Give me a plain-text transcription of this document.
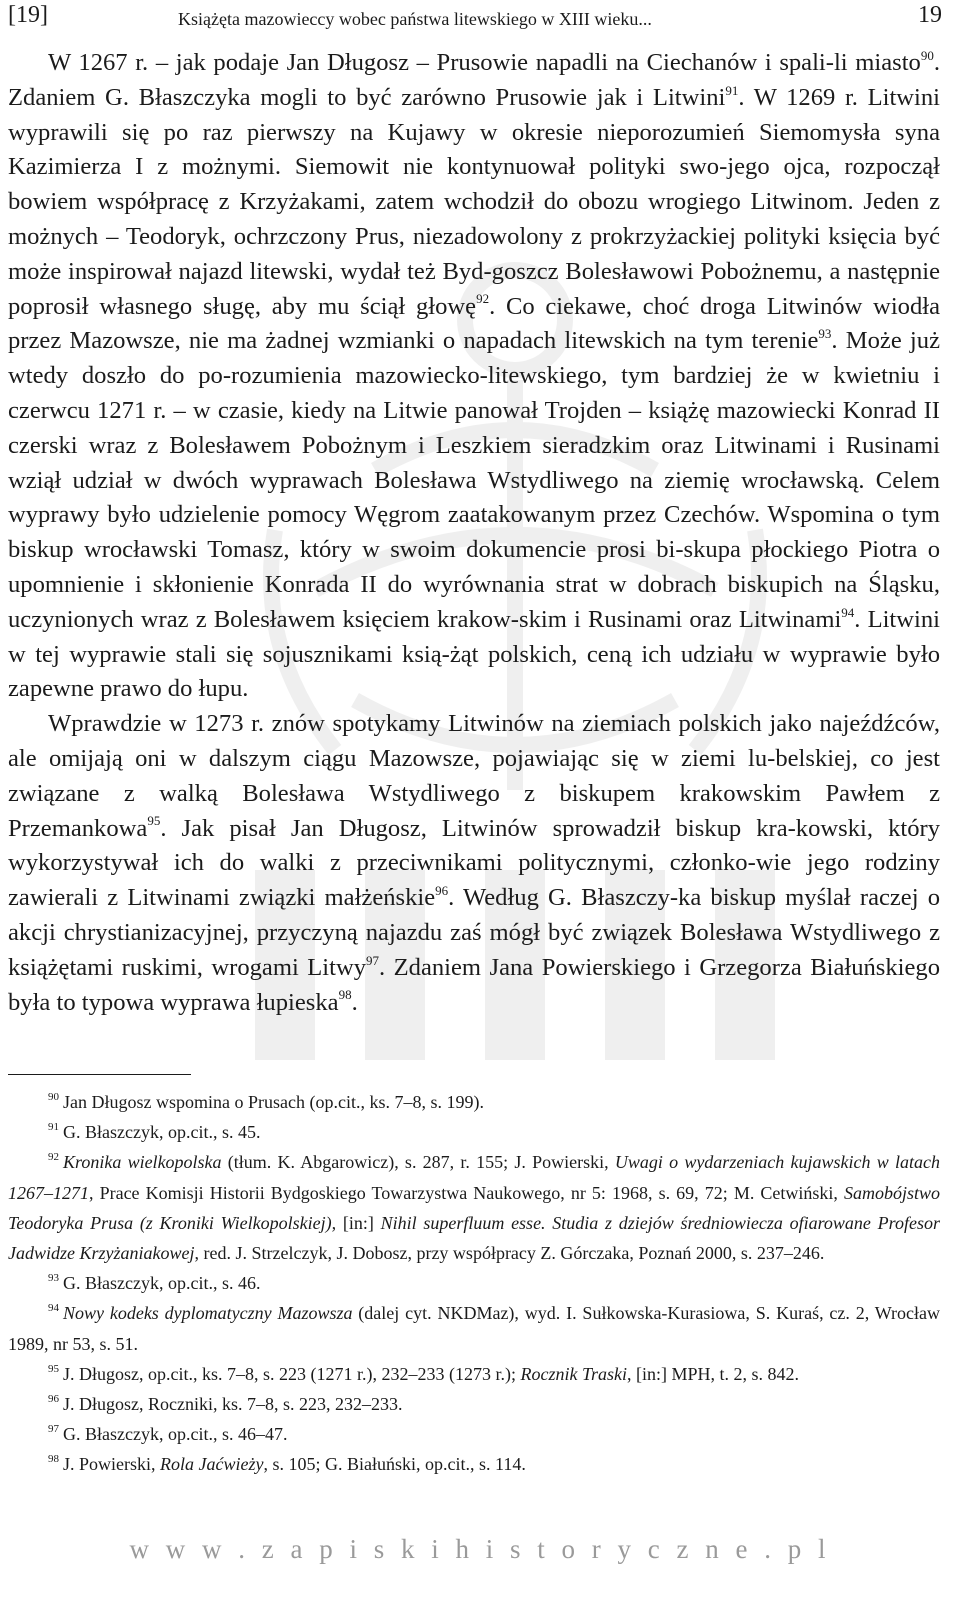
[19]	Książęta mazowieccy wobec państwa litewskiego w XIII wieku...	19

W 1267 r. – jak podaje Jan Długosz – Prusowie napadli na Ciechanów i spali-li miasto$^{90}$. Zdaniem G. Błaszczyka mogli to być zarówno Prusowie jak i Litwini$^{91}$. W 1269 r. Litwini wyprawili się po raz pierwszy na Kujawy w okresie nieporozumień Siemomysła syna Kazimierza I z możnymi. Siemowit nie kontynuował polityki swo-jego ojca, rozpoczął bowiem współpracę z Krzyżakami, zatem wchodził do obozu wrogiego Litwinom. Jeden z możnych – Teodoryk, ochrzczony Prus, niezadowolony z prokrzyżackiej polityki księcia być może inspirował najazd litewski, wydał też Byd-goszcz Bolesławowi Pobożnemu, a następnie poprosił własnego sługę, aby mu ściął głowę$^{92}$. Co ciekawe, choć droga Litwinów wiodła przez Mazowsze, nie ma żadnej wzmianki o napadach litewskich na tym terenie$^{93}$. Może już wtedy doszło do po-rozumienia mazowiecko-litewskiego, tym bardziej że w kwietniu i czerwcu 1271 r. – w czasie, kiedy na Litwie panował Trojden – książę mazowiecki Konrad II czerski wraz z Bolesławem Pobożnym i Leszkiem sieradzkim oraz Litwinami i Rusinami wziął udział w dwóch wyprawach Bolesława Wstydliwego na ziemię wrocławską. Celem wyprawy było udzielenie pomocy Węgrom zaatakowanym przez Czechów. Wspomina o tym biskup wrocławski Tomasz, który w swoim dokumencie prosi bi-skupa płockiego Piotra o upomnienie i skłonienie Konrada II do wyrównania strat w dobrach biskupich na Śląsku, uczynionych wraz z Bolesławem księciem krakow-skim i Rusinami oraz Litwinami$^{94}$. Litwini w tej wyprawie stali się sojusznikami ksią-żąt polskich, ceną ich udziału w wyprawie było zapewne prawo do łupu.

Wprawdzie w 1273 r. znów spotykamy Litwinów na ziemiach polskich jako najeźdźców, ale omijają oni w dalszym ciągu Mazowsze, pojawiając się w ziemi lu-belskiej, co jest związane z walką Bolesława Wstydliwego z biskupem krakowskim Pawłem z Przemankowa$^{95}$. Jak pisał Jan Długosz, Litwinów sprowadził biskup kra-kowski, który wykorzystywał ich do walki z przeciwnikami politycznymi, członko-wie jego rodziny zawierali z Litwinami związki małżeńskie$^{96}$. Według G. Błaszczy-ka biskup myślał raczej o akcji chrystianizacyjnej, przyczyną najazdu zaś mógł być związek Bolesława Wstydliwego z książętami ruskimi, wrogami Litwy$^{97}$. Zdaniem Jana Powierskiego i Grzegorza Białuńskiego była to typowa wyprawa łupieska$^{98}$.

$^{90}$ Jan Długosz wspomina o Prusach (op.cit., ks. 7–8, s. 199).

$^{91}$ G. Błaszczyk, op.cit., s. 45.

$^{92}$ Kronika wielkopolska (tłum. K. Abgarowicz), s. 287, r. 155; J. Powierski, Uwagi o wydarzeniach kujawskich w latach 1267–1271, Prace Komisji Historii Bydgoskiego Towarzystwa Naukowego, nr 5: 1968, s. 69, 72; M. Cetwiński, Samobójstwo Teodoryka Prusa (z Kroniki Wielkopolskiej), [in:] Nihil superfluum esse. Studia z dziejów średniowiecza ofiarowane Profesor Jadwidze Krzyżaniakowej, red. J. Strzelczyk, J. Dobosz, przy współpracy Z. Górczaka, Poznań 2000, s. 237–246.

$^{93}$ G. Błaszczyk, op.cit., s. 46.

$^{94}$ Nowy kodeks dyplomatyczny Mazowsza (dalej cyt. NKDMaz), wyd. I. Sułkowska-Kurasiowa, S. Kuraś, cz. 2, Wrocław 1989, nr 53, s. 51.

$^{95}$ J. Długosz, op.cit., ks. 7–8, s. 223 (1271 r.), 232–233 (1273 r.); Rocznik Traski, [in:] MPH, t. 2, s. 842.

$^{96}$ J. Długosz, Roczniki, ks. 7–8, s. 223, 232–233.

$^{97}$ G. Błaszczyk, op.cit., s. 46–47.

$^{98}$ J. Powierski, Rola Jaćwieży, s. 105; G. Białuński, op.cit., s. 114.

w w w . z a p i s k i h i s t o r y c z n e . p l
